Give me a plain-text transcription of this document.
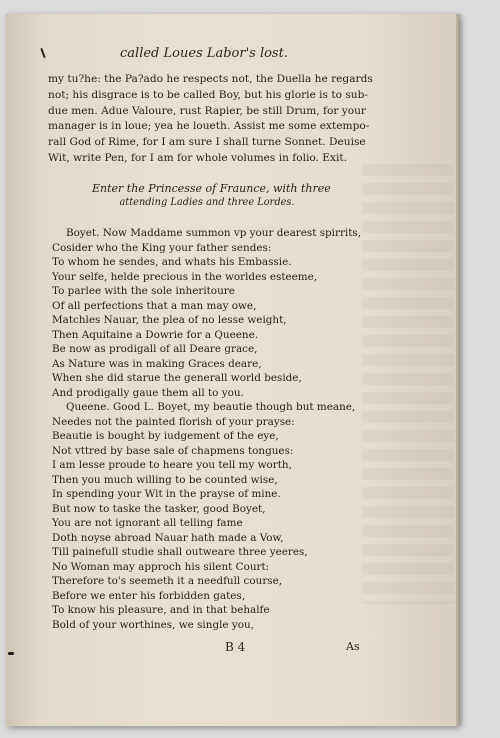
called Loues Labor's lost.
my tu?he: the Pa?ado he respects not, the Duella he regards
not; his disgrace is to be called Boy, but his glorie is to sub-
due men. Adue Valoure, rust Rapier, be still Drum, for your
manager is in loue; yea he loueth. Assist me some extempo-
rall God of Rime, for I am sure I shall turne Sonnet. Deuise
Wit, write Pen, for I am for whole volumes in folio. Exit.
Enter the Princesse of Fraunce, with three
attending Ladies and three Lordes.
Boyet. Now Maddame summon vp your dearest spirrits,
Cosider who the King your father sendes:
To whom he sendes, and whats his Embassie.
Your selfe, helde precious in the worldes esteeme,
To parlee with the sole inheritoure
Of all perfections that a man may owe,
Matchles Nauar, the plea of no lesse weight,
Then Aquitaine a Dowrie for a Queene.
Be now as prodigall of all Deare grace,
As Nature was in making Graces deare,
When she did starue the generall world beside,
And prodigally gaue them all to you.
Queene. Good L. Boyet, my beautie though but meane,
Needes not the painted florish of your prayse:
Beautie is bought by iudgement of the eye,
Not vttred by base sale of chapmens tongues:
I am lesse proude to heare you tell my worth,
Then you much willing to be counted wise,
In spending your Wit in the prayse of mine.
But now to taske the tasker, good Boyet,
You are not ignorant all telling fame
Doth noyse abroad Nauar hath made a Vow,
Till painefull studie shall outweare three yeeres,
No Woman may approch his silent Court:
Therefore to's seemeth it a needfull course,
Before we enter his forbidden gates,
To know his pleasure, and in that behalfe
Bold of your worthines, we single you,
B 4	As
